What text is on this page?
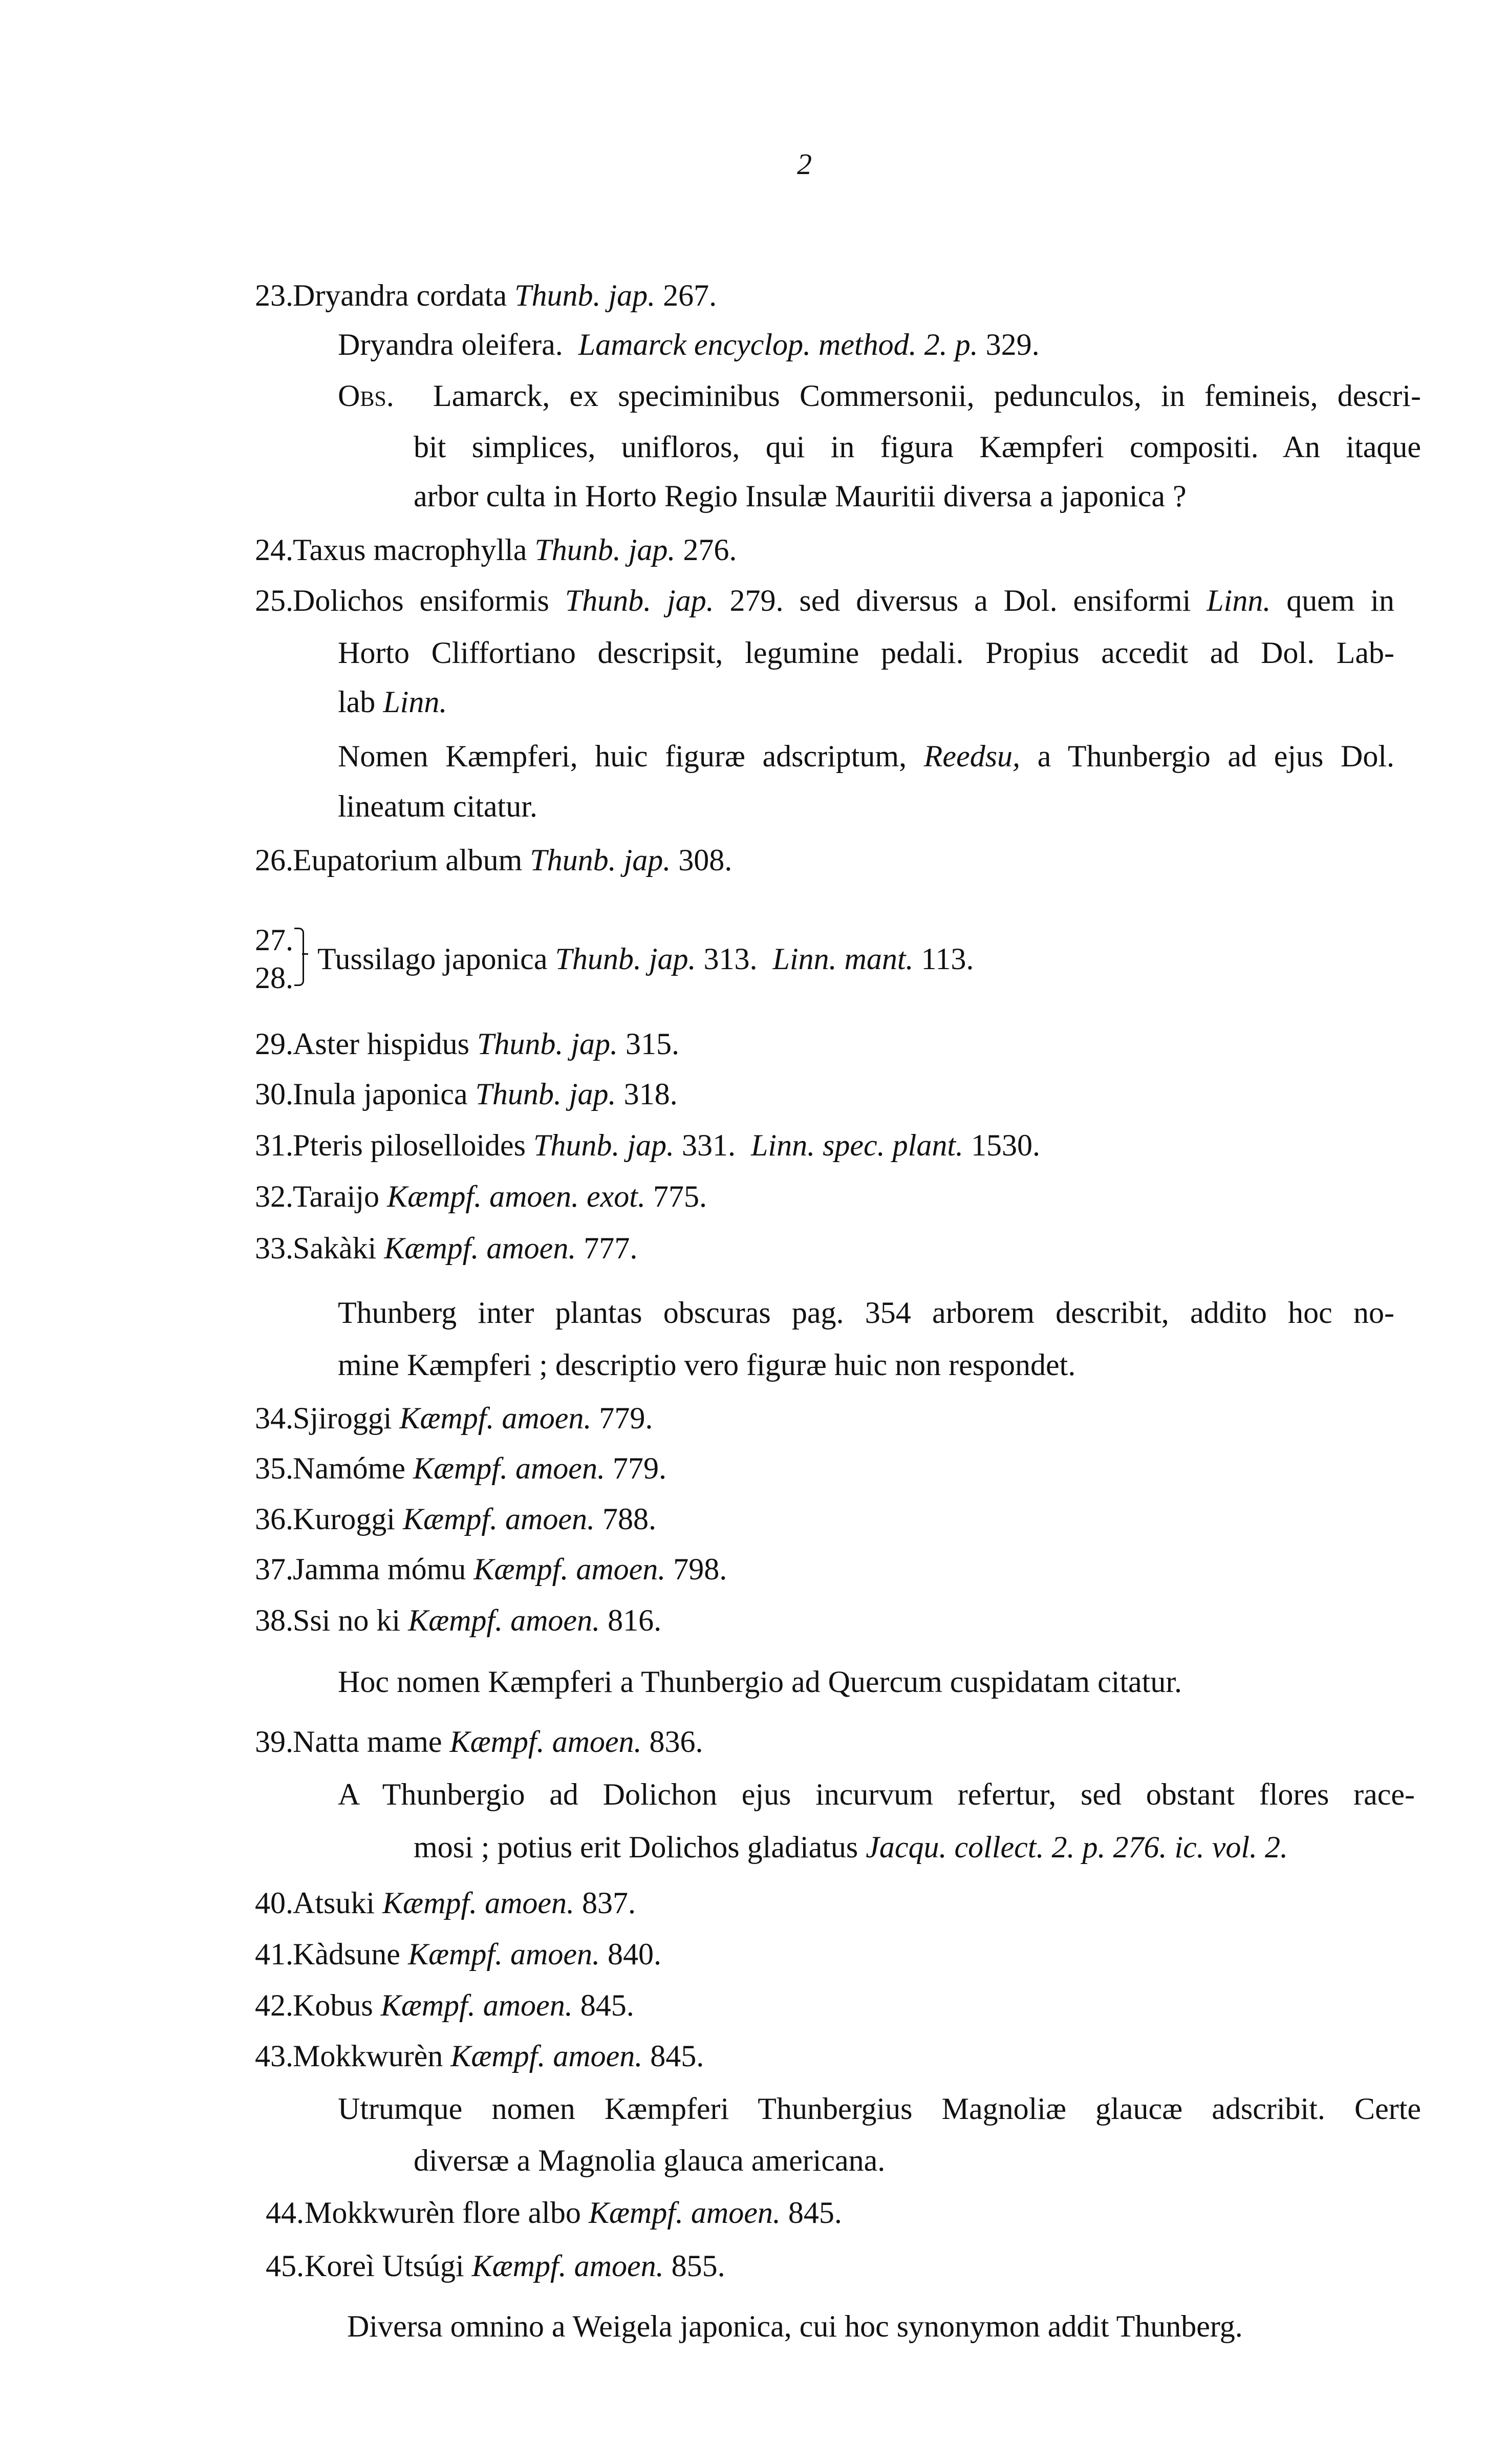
2
23. Dryandra cordata Thunb. jap. 267.
Dryandra oleifera. Lamarck encyclop. method. 2. p. 329.
Obs. Lamarck, ex speciminibus Commersonii, pedunculos, in femineis, descri-
bit simplices, unifloros, qui in figura Kæmpferi compositi. An itaque
arbor culta in Horto Regio Insulæ Mauritii diversa a japonica ?
24. Taxus macrophylla Thunb. jap. 276.
25. Dolichos ensiformis Thunb. jap. 279. sed diversus a Dol. ensiformi Linn. quem in
Horto Cliffortiano descripsit, legumine pedali. Propius accedit ad Dol. Lab-
lab Linn.
Nomen Kæmpferi, huic figuræ adscriptum, Reedsu, a Thunbergio ad ejus Dol.
lineatum citatur.
26. Eupatorium album Thunb. jap. 308.
27.
28.
Tussilago japonica Thunb. jap. 313. Linn. mant. 113.
29. Aster hispidus Thunb. jap. 315.
30. Inula japonica Thunb. jap. 318.
31. Pteris piloselloides Thunb. jap. 331. Linn. spec. plant. 1530.
32. Taraijo Kæmpf. amoen. exot. 775.
33. Sakàki Kæmpf. amoen. 777.
Thunberg inter plantas obscuras pag. 354 arborem describit, addito hoc no-
mine Kæmpferi ; descriptio vero figuræ huic non respondet.
34. Sjiroggi Kæmpf. amoen. 779.
35. Namóme Kæmpf. amoen. 779.
36. Kuroggi Kæmpf. amoen. 788.
37. Jamma mómu Kæmpf. amoen. 798.
38. Ssi no ki Kæmpf. amoen. 816.
Hoc nomen Kæmpferi a Thunbergio ad Quercum cuspidatam citatur.
39. Natta mame Kæmpf. amoen. 836.
A Thunbergio ad Dolichon ejus incurvum refertur, sed obstant flores race-
mosi ; potius erit Dolichos gladiatus Jacqu. collect. 2. p. 276. ic. vol. 2.
40. Atsuki Kæmpf. amoen. 837.
41. Kàdsune Kæmpf. amoen. 840.
42. Kobus Kæmpf. amoen. 845.
43. Mokkwurèn Kæmpf. amoen. 845.
Utrumque nomen Kæmpferi Thunbergius Magnoliæ glaucæ adscribit. Certe
diversæ a Magnolia glauca americana.
44. Mokkwurèn flore albo Kæmpf. amoen. 845.
45. Koreì Utsúgi Kæmpf. amoen. 855.
Diversa omnino a Weigela japonica, cui hoc synonymon addit Thunberg.
